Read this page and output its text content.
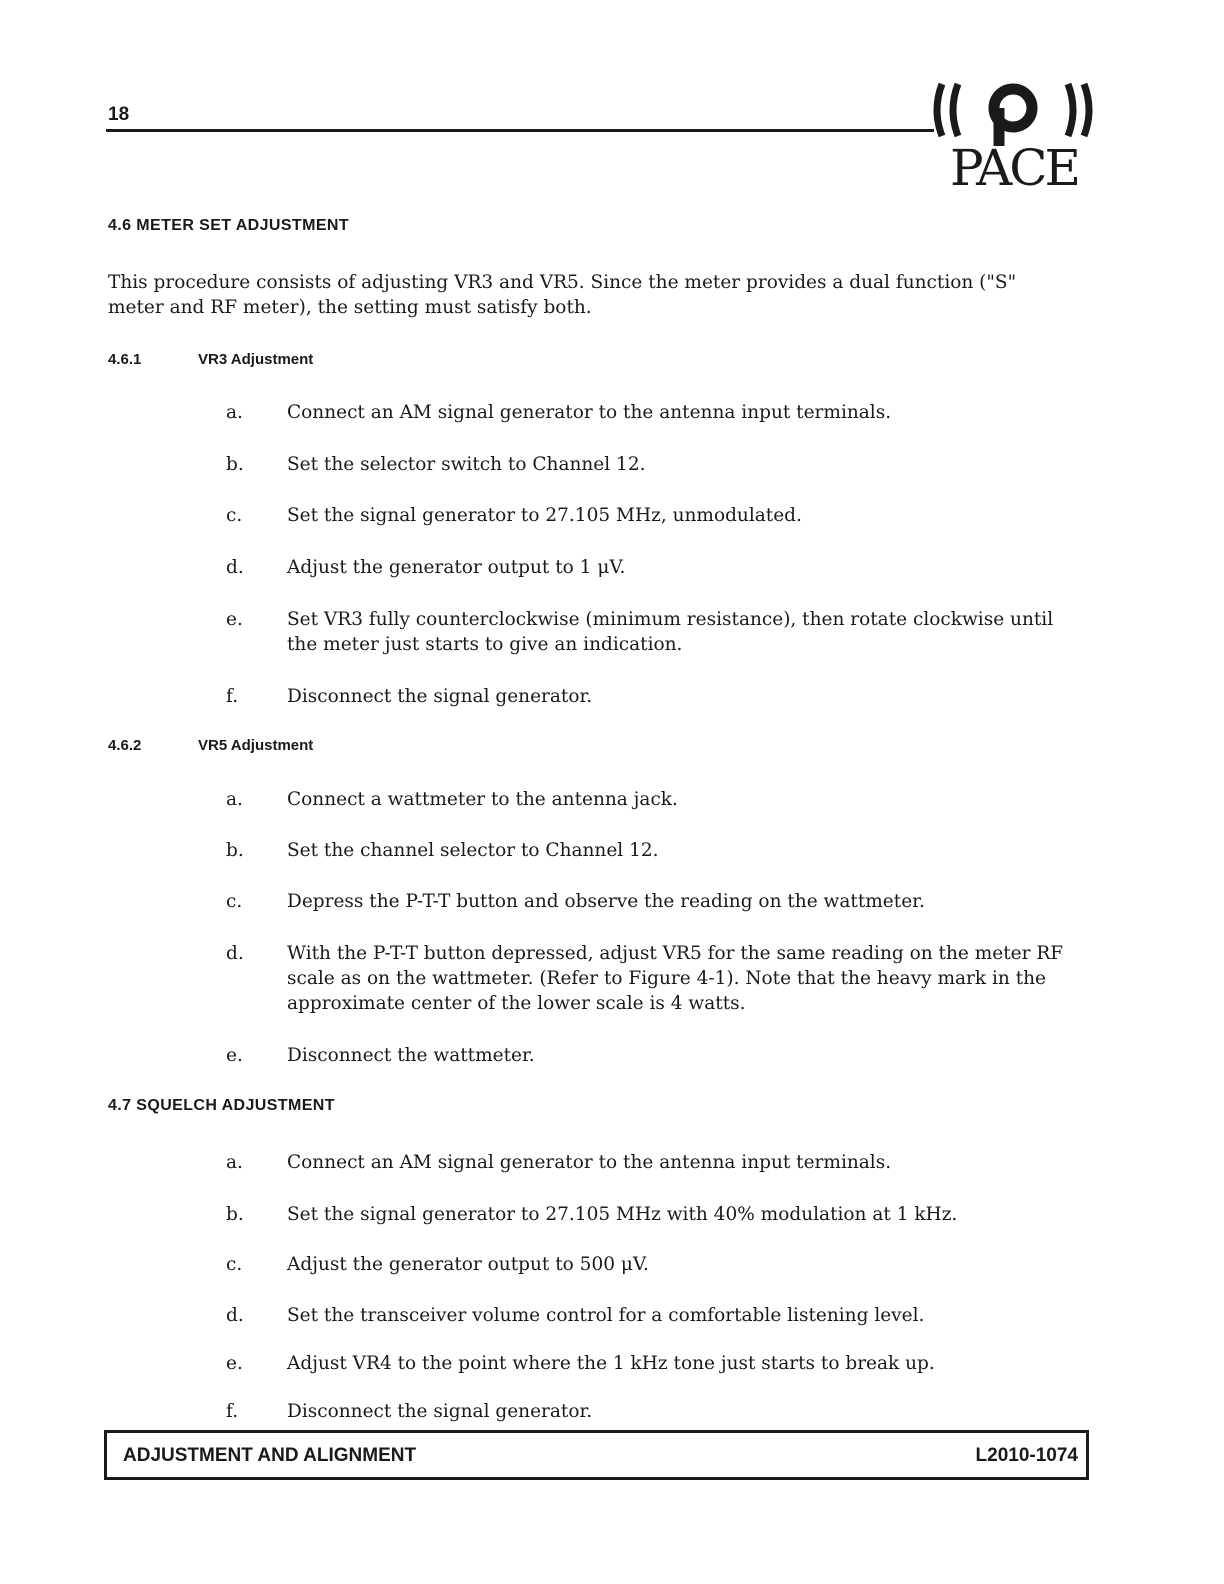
18
PACE
4.6 METER SET ADJUSTMENT
This procedure consists of adjusting VR3 and VR5. Since the meter provides a dual function ("S" meter and RF meter), the setting must satisfy both.
4.6.1	VR3 Adjustment
a.	Connect an AM signal generator to the antenna input terminals.
b.	Set the selector switch to Channel 12.
c.	Set the signal generator to 27.105 MHz, unmodulated.
d.	Adjust the generator output to 1 μV.
e.	Set VR3 fully counterclockwise (minimum resistance), then rotate clockwise until the meter just starts to give an indication.
f.	Disconnect the signal generator.
4.6.2	VR5 Adjustment
a.	Connect a wattmeter to the antenna jack.
b.	Set the channel selector to Channel 12.
c.	Depress the P-T-T button and observe the reading on the wattmeter.
d.	With the P-T-T button depressed, adjust VR5 for the same reading on the meter RF scale as on the wattmeter. (Refer to Figure 4-1). Note that the heavy mark in the approximate center of the lower scale is 4 watts.
e.	Disconnect the wattmeter.
4.7 SQUELCH ADJUSTMENT
a.	Connect an AM signal generator to the antenna input terminals.
b.	Set the signal generator to 27.105 MHz with 40% modulation at 1 kHz.
c.	Adjust the generator output to 500 μV.
d.	Set the transceiver volume control for a comfortable listening level.
e.	Adjust VR4 to the point where the 1 kHz tone just starts to break up.
f.	Disconnect the signal generator.
ADJUSTMENT AND ALIGNMENT	L2010-1074
